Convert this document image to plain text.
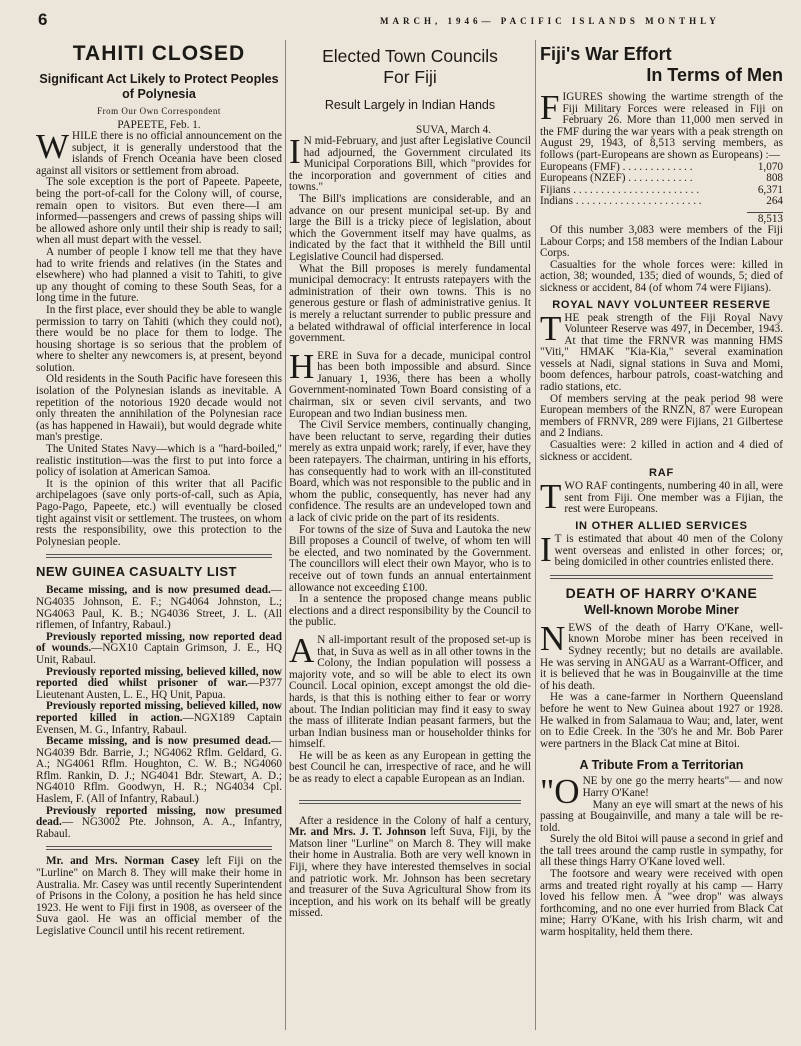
6	MARCH, 1946— PACIFIC ISLANDS MONTHLY
TAHITI CLOSED
Significant Act Likely to Protect Peoples of Polynesia
From Our Own Correspondent
PAPEETE, Feb. 1.

WHILE there is no official announcement on the subject, it is generally understood that the islands of French Oceania have been closed against all visitors or settlement from abroad.

The sole exception is the port of Papeete. Papeete, being the port-of-call for the Colony will, of course, remain open to visitors. But even there—I am informed—passengers and crews of passing ships will be allowed ashore only until their ship is ready to sail; when all must depart with the vessel.

A number of people I know tell me that they have had to write friends and relatives (in the States and elsewhere) who had planned a visit to Tahiti, to give up any thought of coming to these South Seas, for a long time in the future.

In the first place, ever should they be able to wangle permission to tarry on Tahiti (which they could not), there would be no place for them to lodge. The housing shortage is so serious that the problem of where to shelter any newcomers is, at present, beyond solution.

Old residents in the South Pacific have foreseen this isolation of the Polynesian islands as inevitable. A repetition of the notorious 1920 decade would not only threaten the annihilation of the Polynesian race (as has happened in Hawaii), but would degrade white man's prestige.

The United States Navy—which is a "hard-boiled," realistic institution—was the first to put into force a policy of isolation at American Samoa.

It is the opinion of this writer that all Pacific archipelagoes (save only ports-of-call, such as Apia, Pago-Pago, Papeete, etc.) will eventually be closed tight against visit or settlement. The trustees, on whom rests the responsibility, owe this protection to the Polynesian people.

NEW GUINEA CASUALTY LIST

Became missing, and is now presumed dead.—NG4035 Johnson, E. F.; NG4064 Johnston, L.; NG4063 Paul, K. B.; NG4036 Street, J. L. (All riflemen, of Infantry, Rabaul.)

Previously reported missing, now reported dead of wounds.—NGX10 Captain Grimson, J. E., HQ Unit, Rabaul.

Previously reported missing, believed killed, now reported died whilst prisoner of war.—P377 Lieutenant Austen, L. E., HQ Unit, Papua.

Previously reported missing, believed killed, now reported killed in action.—NGX189 Captain Evensen, M. G., Infantry, Rabaul.

Became missing, and is now presumed dead.—NG4039 Bdr. Barrie, J.; NG4062 Rflm. Geldard, G. A.; NG4061 Rflm. Houghton, C. W. B.; NG4060 Rflm. Rankin, D. J.; NG4041 Bdr. Stewart, A. D.; NG4010 Rflm. Goodwyn, H. R.; NG4034 Cpl. Haslem, F. (All of Infantry, Rabaul.)

Previously reported missing, now presumed dead.— NG3002 Pte. Johnson, A. A., Infantry, Rabaul.

Mr. and Mrs. Norman Casey left Fiji on the "Lurline" on March 8. They will make their home in Australia. Mr. Casey was until recently Superintendent of Prisons in the Colony, a position he has held since 1923. He went to Fiji first in 1908, as overseer of the Suva gaol. He was an official member of the Legislative Council until his recent retirement.

Elected Town Councils
For Fiji
Result Largely in Indian Hands
SUVA, March 4.

I N mid-February, and just after Legislative Council had adjourned, the Government circulated its Municipal Corporations Bill, which "provides for the incorporation and government of cities and towns."

The Bill's implications are considerable, and an advance on our present municipal set-up. By and large the Bill is a tricky piece of legislation, about which the Government itself may have qualms, as indicated by the fact that it withheld the Bill until Legislative Council had dispersed.

What the Bill proposes is merely fundamental municipal democracy: It entrusts ratepayers with the administration of their own towns. This is no generous gesture or flash of administrative genius. It is merely a reluctant surrender to public pressure and a belated withdrawal of official interference in local government.

HERE in Suva for a decade, municipal control has been both impossible and absurd. Since January 1, 1936, there has been a wholly Government-nominated Town Board consisting of a chairman, six or seven civil servants, and two European and two Indian business men.

The Civil Service members, continually changing, have been reluctant to serve, regarding their duties merely as extra unpaid work; rarely, if ever, have they been ratepayers. The chairman, untiring in his efforts, has consequently had to work with an ill-constituted Board, which was not responsible to the public and in whom the public, consequently, has never had any confidence. The results are an undeveloped town and a lack of civic pride on the part of its residents.

For towns of the size of Suva and Lautoka the new Bill proposes a Council of twelve, of whom ten will be elected, and two nominated by the Government. The councillors will elect their own Mayor, who is to receive out of town funds an annual entertainment allowance not exceeding £100.

In a sentence the proposed change means public elections and a direct responsibility by the Council to the public.

A N all-important result of the proposed set-up is that, in Suva as well as in all other towns in the Colony, the Indian population will possess a majority vote, and so will be able to elect its own Council. Local opinion, except amongst the old die-hards, is that this is nothing either to fear or worry about. The Indian politician may find it easy to sway the mass of illiterate Indian peasant farmers, but the urban Indian business man or householder thinks for himself.

He will be as keen as any European in getting the best Council he can, irrespective of race, and he will be as ready to elect a capable European as an Indian.

After a residence in the Colony of half a century, Mr. and Mrs. J. T. Johnson left Suva, Fiji, by the Matson liner "Lurline" on March 8. They will make their home in Australia. Both are very well known in Fiji, where they have interested themselves in social and patriotic work. Mr. Johnson has been secretary and treasurer of the Suva Agricultural Show from its inception, and his work on its behalf will be greatly missed.

Fiji's War Effort
In Terms of Men

FIGURES showing the wartime strength of the Fiji Military Forces were released in Fiji on February 26. More than 11,000 men served in the FMF during the war years with a peak strength on August 29, 1943, of 8,513 serving members, as follows (part-Europeans are shown as Europeans) :—

Europeans (FMF) . . . . . . . . . . . . .	1,070
Europeans (NZEF) . . . . . . . . . . . .	808
Fijians . . . . . . . . . . . . . . . . . . . . . . .	6,371
Indians . . . . . . . . . . . . . . . . . . . . . . .	264
8,513

Of this number 3,083 were members of the Fiji Labour Corps; and 158 members of the Indian Labour Corps.

Casualties for the whole forces were: killed in action, 38; wounded, 135; died of wounds, 5; died of sickness or accident, 84 (of whom 74 were Fijians).

ROYAL NAVY VOLUNTEER RESERVE

THE peak strength of the Fiji Royal Navy Volunteer Reserve was 497, in December, 1943. At that time the FRNVR was manning HMS "Viti," HMAK "Kia-Kia," several examination vessels at Nadi, signal stations in Suva and Momi, boom defences, harbour patrols, coast-watching and radio stations, etc.

Of members serving at the peak period 98 were European members of the RNZN, 87 were European members of FRNVR, 289 were Fijians, 21 Gilbertese and 2 Indians.

Casualties were: 2 killed in action and 4 died of sickness or accident.

RAF

TWO RAF contingents, numbering 40 in all, were sent from Fiji. One member was a Fijian, the rest were Europeans.

IN OTHER ALLIED SERVICES

I T is estimated that about 40 men of the Colony went overseas and enlisted in other forces; or, being domiciled in other countries enlisted there.

DEATH OF HARRY O'KANE
Well-known Morobe Miner

NEWS of the death of Harry O'Kane, well-known Morobe miner has been received in Sydney recently; but no details are available. He was serving in ANGAU as a Warrant-Officer, and it is believed that he was in Bougainville at the time of his death.

He was a cane-farmer in Northern Queensland before he went to New Guinea about 1927 or 1928. He walked in from Salamaua to Wau; and, later, went on to Edie Creek. In the '30's he and Mr. Bob Parer were partners in the Black Cat mine at Bitoi.

A Tribute From a Territorian

"ONE by one go the merry hearts"— and now Harry O'Kane!

Many an eye will smart at the news of his passing at Bougainville, and many a tale will be re-told.

Surely the old Bitoi will pause a second in grief and the tall trees around the camp rustle in sympathy, for all these things Harry O'Kane loved well.

The footsore and weary were received with open arms and treated right royally at his camp — Harry loved his fellow men. A "wee drop" was always forthcoming, and no one ever hurried from Black Cat mine; Harry O'Kane, with his Irish charm, wit and warm hospitality, held them there.
